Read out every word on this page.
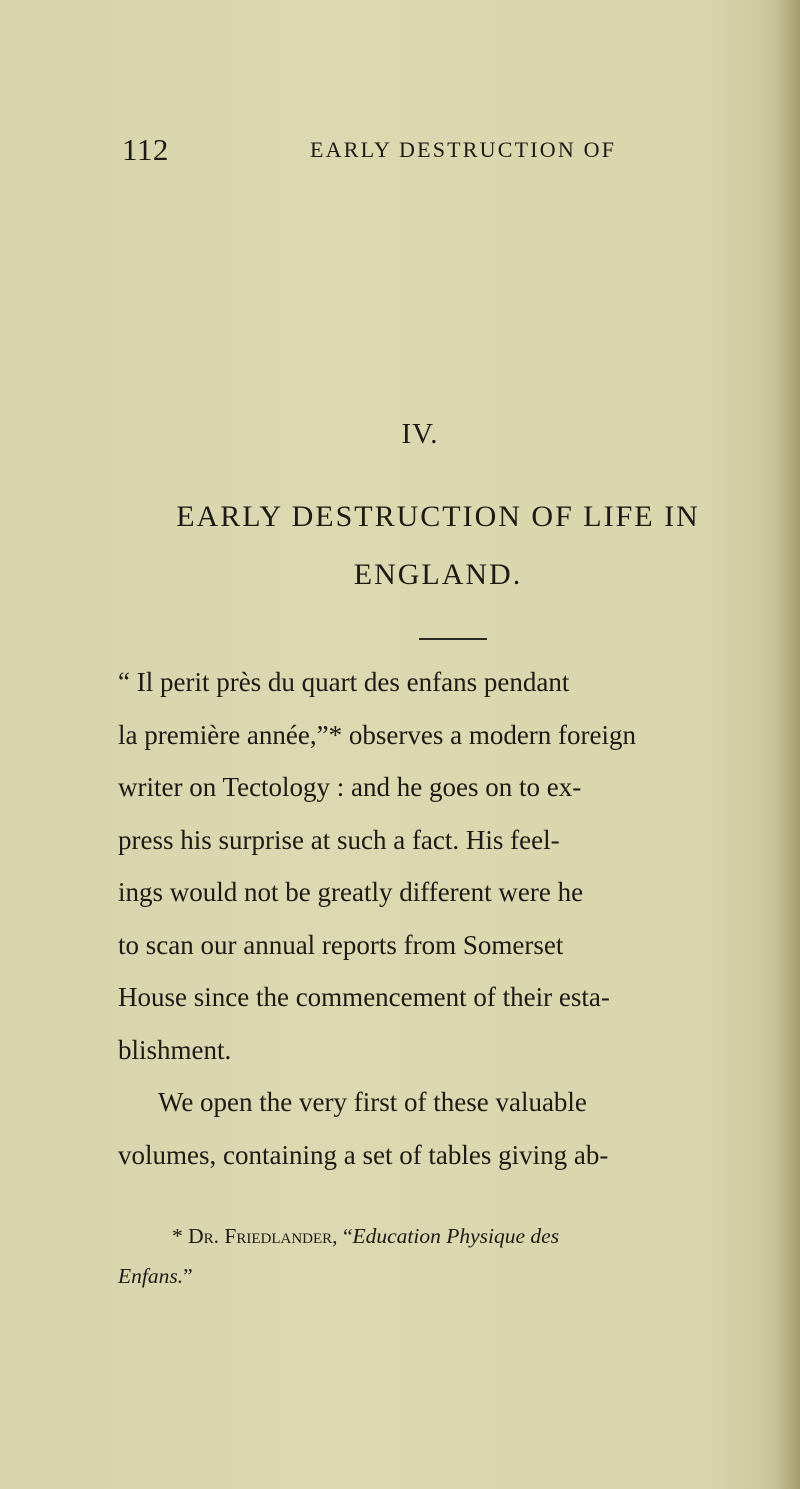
112	EARLY DESTRUCTION OF
IV.
EARLY DESTRUCTION OF LIFE IN
ENGLAND.

“ Il perit près du quart des enfans pendant
la première année,”* observes a modern foreign
writer on Tectology : and he goes on to ex-
press his surprise at such a fact. His feel-
ings would not be greatly different were he
to scan our annual reports from Somerset
House since the commencement of their esta-
blishment.

We open the very first of these valuable
volumes, containing a set of tables giving ab-

* Dr. Friedlander, “Education Physique des
Enfans.”
